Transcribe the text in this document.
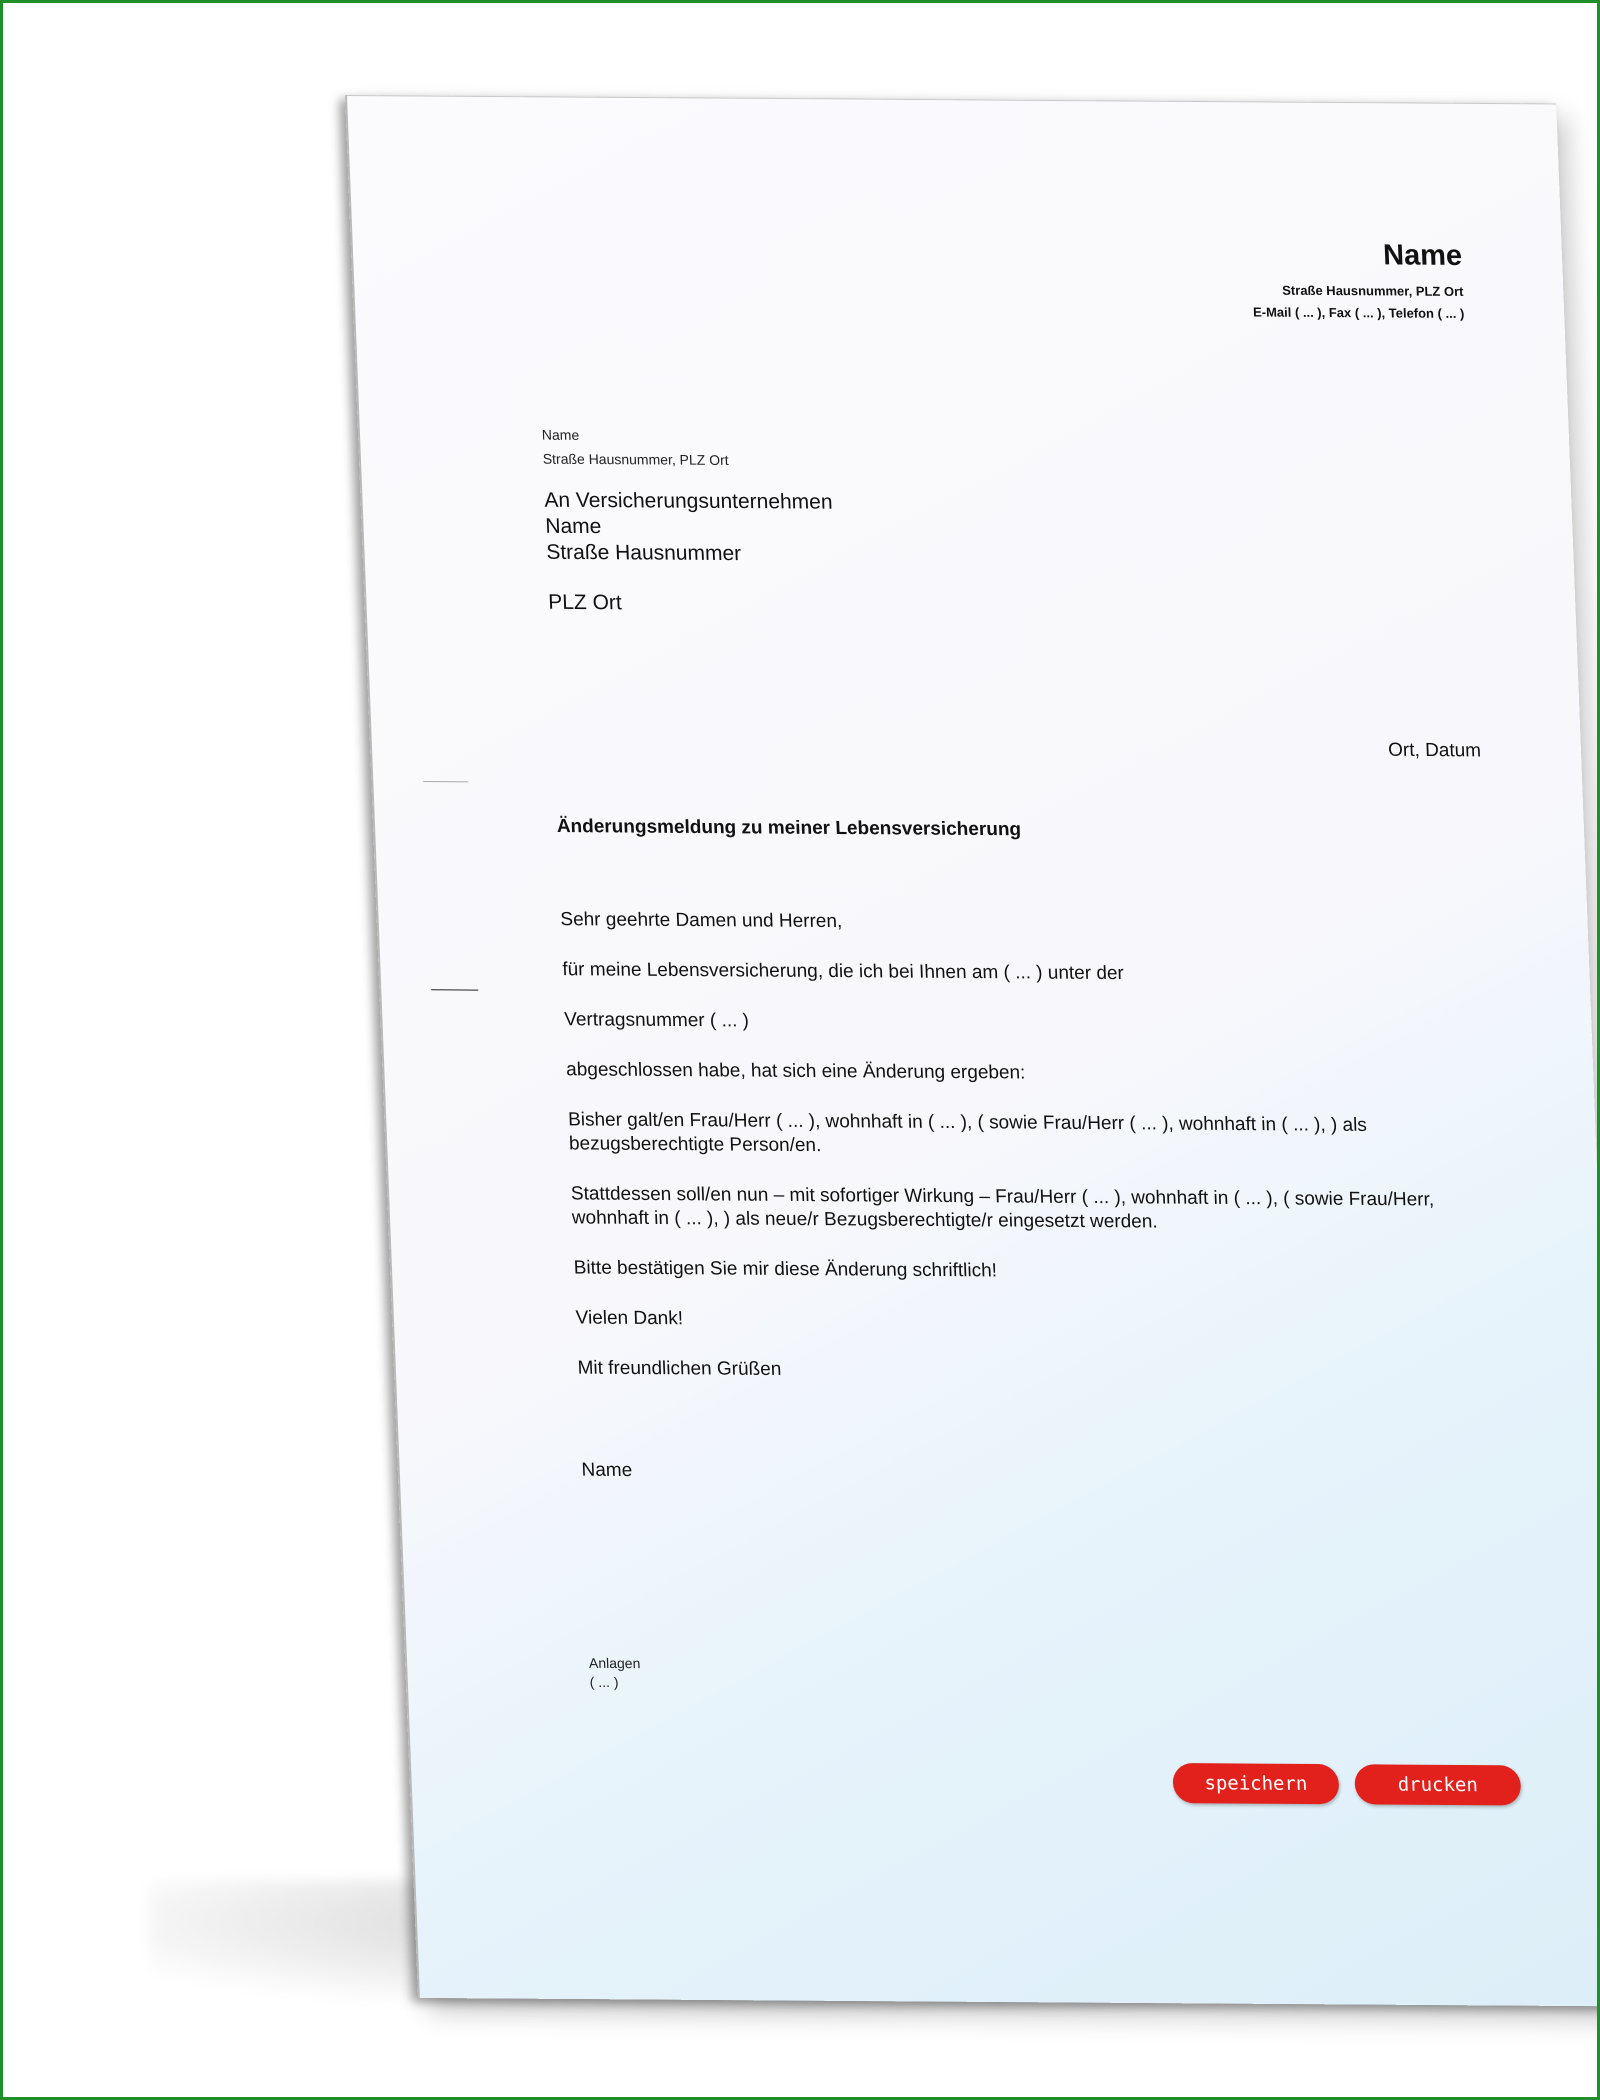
Name
Straße Hausnummer, PLZ Ort
E-Mail ( ... ), Fax ( ... ), Telefon ( ... )
Name
Straße Hausnummer, PLZ Ort
An Versicherungsunternehmen
Name
Straße Hausnummer
PLZ Ort
Ort, Datum
Änderungsmeldung zu meiner Lebensversicherung

Sehr geehrte Damen und Herren,

für meine Lebensversicherung, die ich bei Ihnen am ( ... ) unter der

Vertragsnummer ( ... )

abgeschlossen habe, hat sich eine Änderung ergeben:

Bisher galt/en Frau/Herr ( ... ), wohnhaft in ( ... ), ( sowie Frau/Herr ( ... ), wohnhaft in ( ... ), ) als bezugsberechtigte Person/en.

Stattdessen soll/en nun – mit sofortiger Wirkung – Frau/Herr ( ... ), wohnhaft in ( ... ), ( sowie Frau/Herr, wohnhaft in ( ... ), ) als neue/r Bezugsberechtigte/r eingesetzt werden.

Bitte bestätigen Sie mir diese Änderung schriftlich!

Vielen Dank!

Mit freundlichen Grüßen

Name

Anlagen
( ... )
speichern	drucken
